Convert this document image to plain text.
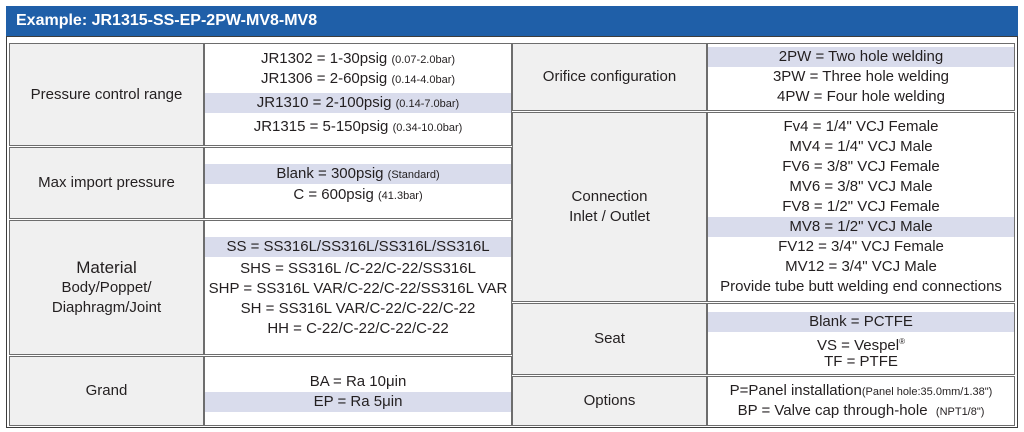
Example: JR1315-SS-EP-2PW-MV8-MV8
Pressure control range
JR1302 = 1-30psig (0.07-2.0bar)
JR1306 = 2-60psig (0.14-4.0bar)
JR1310 = 2-100psig (0.14-7.0bar)
JR1315 = 5-150psig (0.34-10.0bar)
Max import pressure
Blank = 300psig (Standard)
C = 600psig (41.3bar)
Material
Body/Poppet/
Diaphragm/Joint
SS = SS316L/SS316L/SS316L/SS316L
SHS = SS316L /C-22/C-22/SS316L
SHP = SS316L VAR/C-22/C-22/SS316L VAR
SH = SS316L VAR/C-22/C-22/C-22
HH = C-22/C-22/C-22/C-22
Grand
BA = Ra 10μin
EP = Ra 5μin
Orifice configuration
2PW = Two hole welding
3PW = Three hole welding
4PW = Four hole welding
Connection
Inlet / Outlet
Fv4 = 1/4" VCJ Female
MV4 = 1/4" VCJ Male
FV6 = 3/8" VCJ Female
MV6 = 3/8" VCJ Male
FV8 = 1/2" VCJ Female
MV8 = 1/2" VCJ Male
FV12 = 3/4" VCJ Female
MV12 = 3/4" VCJ Male
Provide tube butt welding end connections
Seat
Blank = PCTFE
VS = Vespel®
TF = PTFE
Options
P=Panel installation(Panel hole:35.0mm/1.38")
BP = Valve cap through-hole (NPT1/8")
